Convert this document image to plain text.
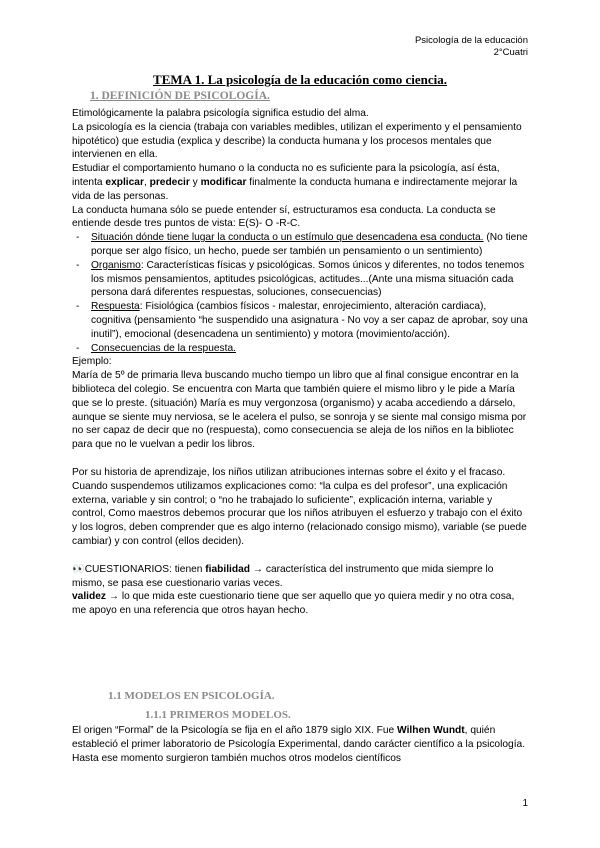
Psicología de la educación
2°Cuatri
TEMA 1. La psicología de la educación como ciencia.
1. DEFINICIÓN DE PSICOLOGÍA.

Etimológicamente la palabra psicología significa estudio del alma.

La psicología es la ciencia (trabaja con variables medibles, utilizan el experimento y el pensamiento hipotético) que estudia (explica y describe) la conducta humana y los procesos mentales que intervienen en ella.

Estudiar el comportamiento humano o la conducta no es suficiente para la psicología, así ésta, intenta explicar, predecir y modificar finalmente la conducta humana e indirectamente mejorar la vida de las personas.

La conducta humana sólo se puede entender sí, estructuramos esa conducta. La conducta se entiende desde tres puntos de vista: E(S)- O -R-C.

- Situación dónde tiene lugar la conducta o un estímulo que desencadena esa conducta. (No tiene porque ser algo físico, un hecho, puede ser también un pensamiento o un sentimiento)
- Organismo: Características físicas y psicológicas. Somos únicos y diferentes, no todos tenemos los mismos pensamientos, aptitudes psicológicas, actitudes...(Ante una misma situación cada persona dará diferentes respuestas, soluciones, consecuencias)
- Respuesta: Fisiológica (cambios físicos - malestar, enrojecimiento, alteración cardiaca), cognitiva (pensamiento “he suspendido una asignatura - No voy a ser capaz de aprobar, soy una inutil”), emocional (desencadena un sentimiento) y motora (movimiento/acción).
- Consecuencias de la respuesta.

Ejemplo:

María de 5º de primaria lleva buscando mucho tiempo un libro que al final consigue encontrar en la biblioteca del colegio. Se encuentra con Marta que también quiere el mismo libro y le pide a María que se lo preste. (situación) María es muy vergonzosa (organismo) y acaba accediendo a dárselo, aunque se siente muy nerviosa, se le acelera el pulso, se sonroja y se siente mal consigo misma por no ser capaz de decir que no (respuesta), como consecuencia se aleja de los niños en la bibliotec para que no le vuelvan a pedir los libros.

Por su historia de aprendizaje, los niños utilizan atribuciones internas sobre el éxito y el fracaso. Cuando suspendemos utilizamos explicaciones como: “la culpa es del profesor”, una explicación externa, variable y sin control; o “no he trabajado lo suficiente”, explicación interna, variable y control, Como maestros debemos procurar que los niños atribuyen el esfuerzo y trabajo con el éxito y los logros, deben comprender que es algo interno (relacionado consigo mismo), variable (se puede cambiar) y con control (ellos deciden).

👀CUESTIONARIOS: tienen fiabilidad → característica del instrumento que mida siempre lo mismo, se pasa ese cuestionario varias veces.

validez → lo que mida este cuestionario tiene que ser aquello que yo quiera medir y no otra cosa, me apoyo en una referencia que otros hayan hecho.

1.1 MODELOS EN PSICOLOGÍA.
1.1.1 PRIMEROS MODELOS.

El origen “Formal” de la Psicología se fija en el año 1879 siglo XIX. Fue Wilhen Wundt, quién estableció el primer laboratorio de Psicología Experimental, dando carácter científico a la psicología. Hasta ese momento surgieron también muchos otros modelos científicos

1
